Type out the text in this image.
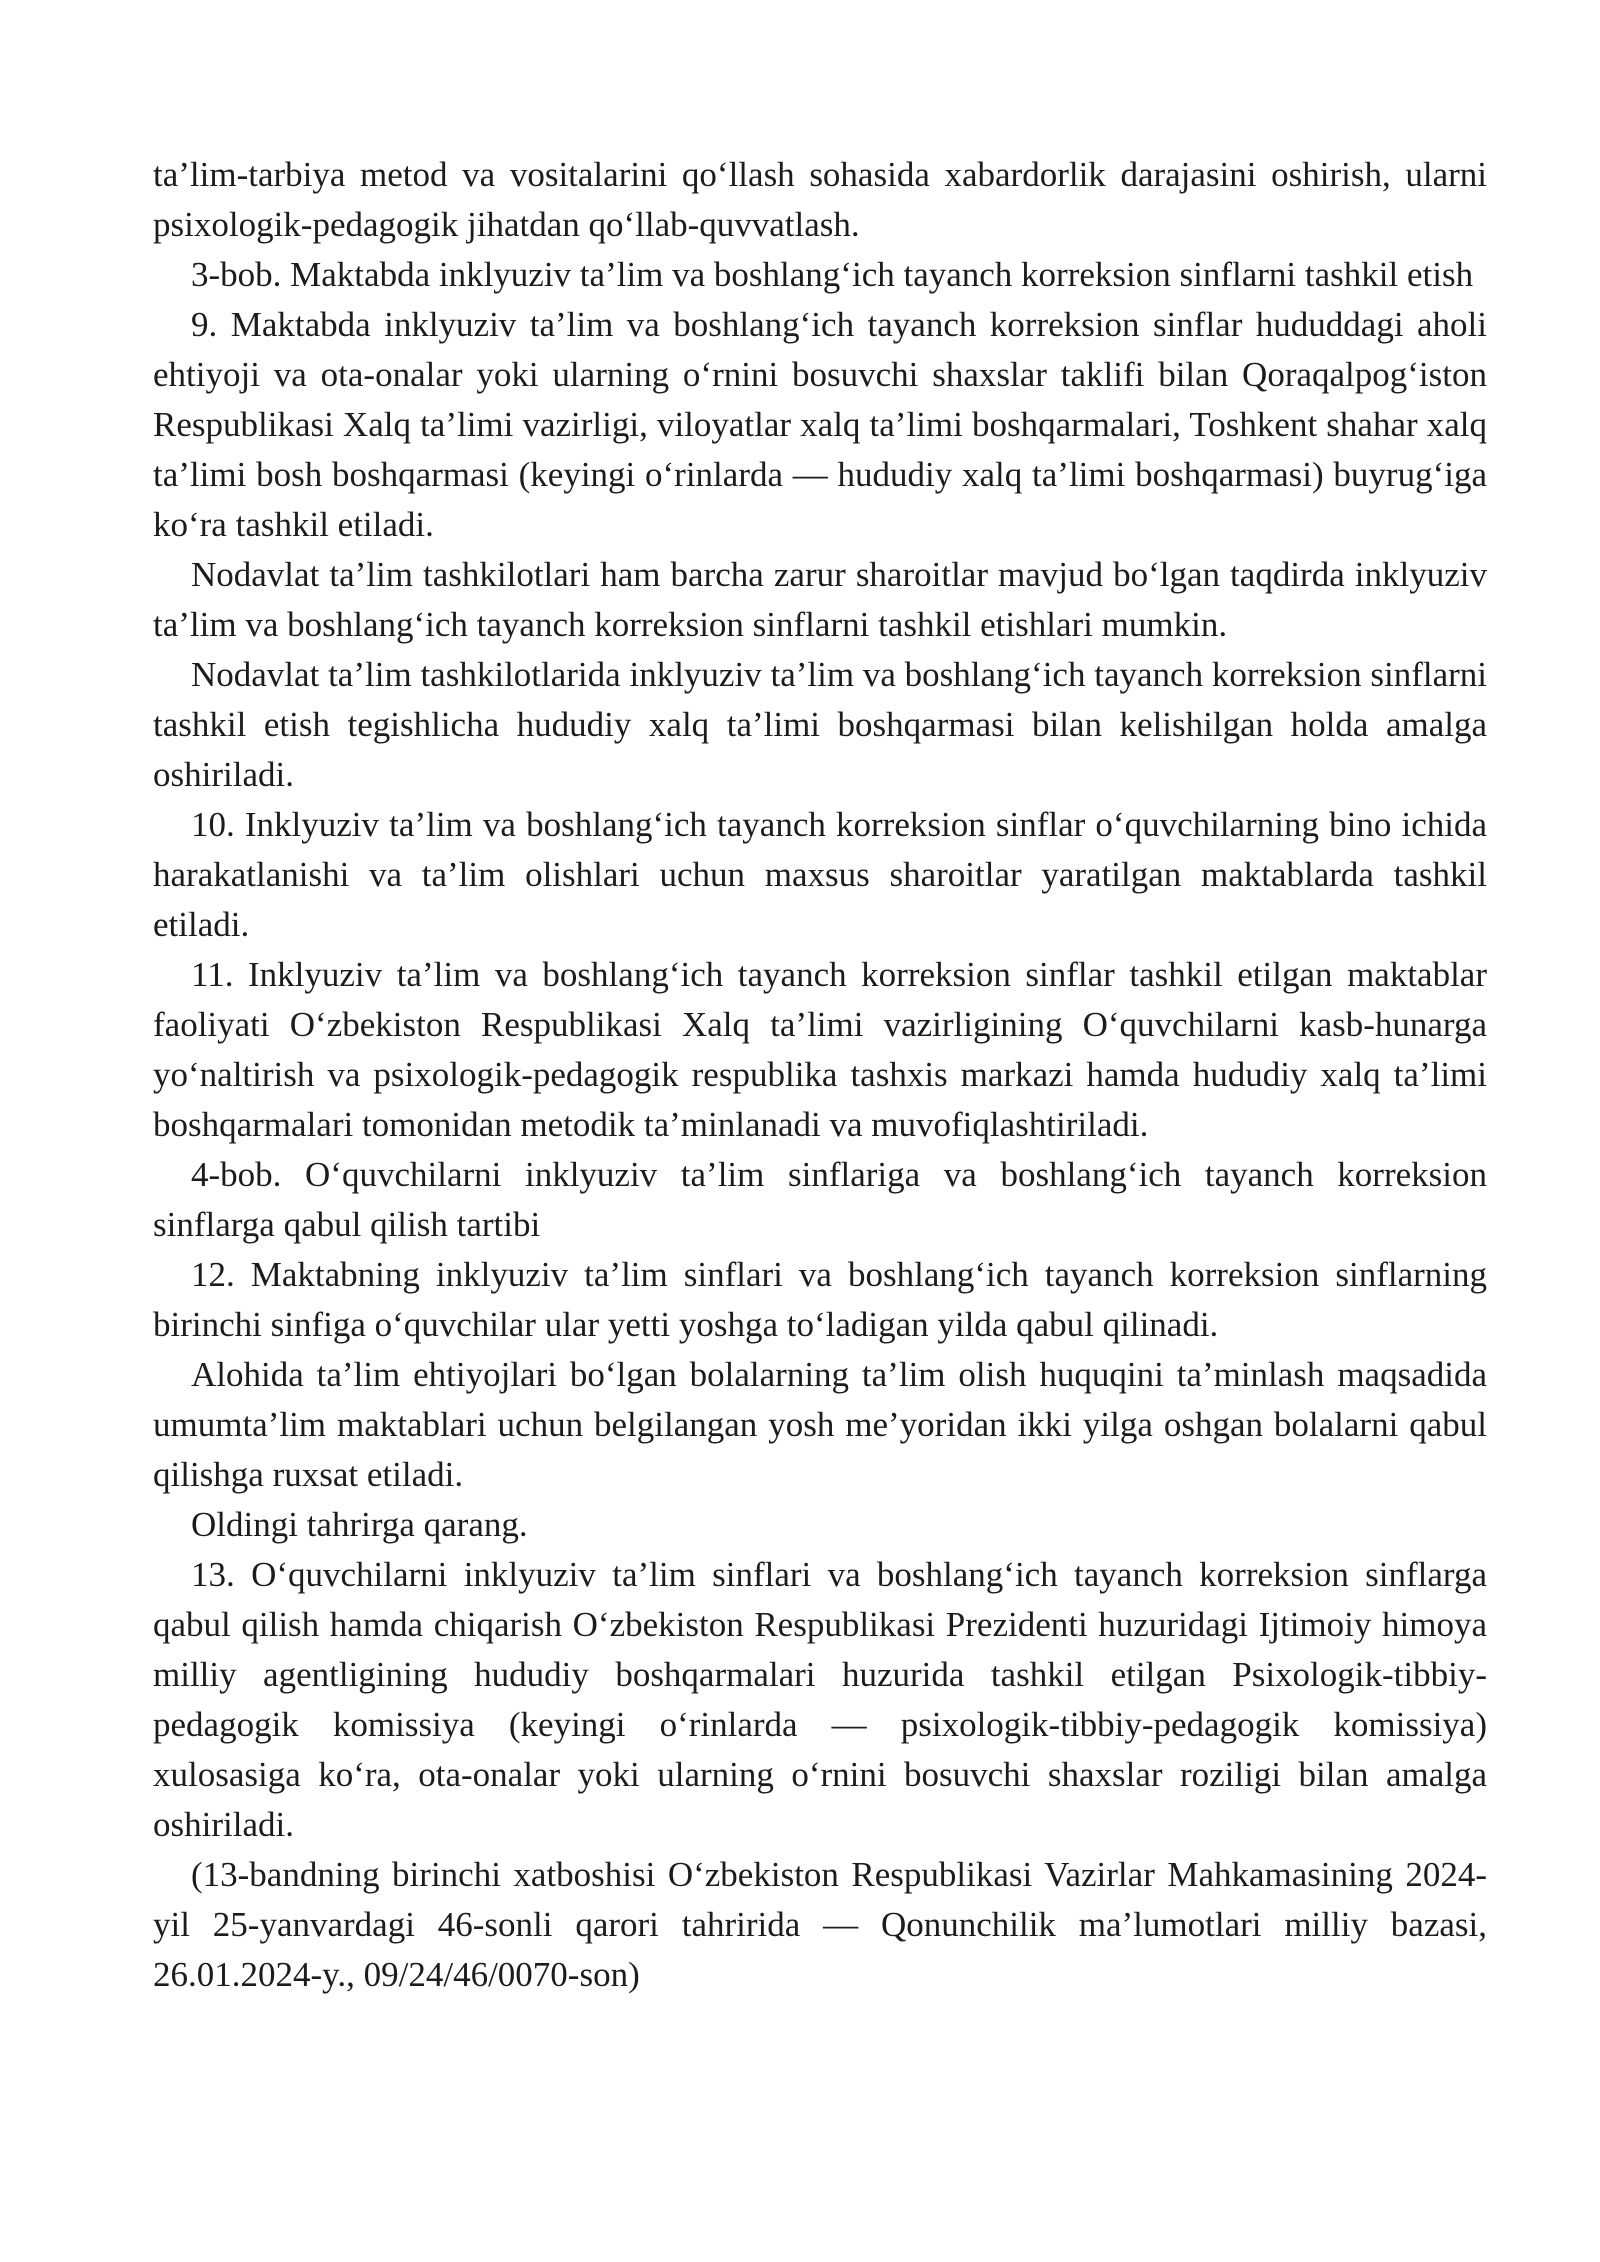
ta’lim-tarbiya metod va vositalarini qo‘llash sohasida xabardorlik darajasini oshirish, ularni psixologik-pedagogik jihatdan qo‘llab-quvvatlash.

3-bob. Maktabda inklyuziv ta’lim va boshlang‘ich tayanch korreksion sinflarni tashkil etish

9. Maktabda inklyuziv ta’lim va boshlang‘ich tayanch korreksion sinflar hududdagi aholi ehtiyoji va ota-onalar yoki ularning o‘rnini bosuvchi shaxslar taklifi bilan Qoraqalpog‘iston Respublikasi Xalq ta’limi vazirligi, viloyatlar xalq ta’limi boshqarmalari, Toshkent shahar xalq ta’limi bosh boshqarmasi (keyingi o‘rinlarda — hududiy xalq ta’limi boshqarmasi) buyrug‘iga ko‘ra tashkil etiladi.

Nodavlat ta’lim tashkilotlari ham barcha zarur sharoitlar mavjud bo‘lgan taqdirda inklyuziv ta’lim va boshlang‘ich tayanch korreksion sinflarni tashkil etishlari mumkin.

Nodavlat ta’lim tashkilotlarida inklyuziv ta’lim va boshlang‘ich tayanch korreksion sinflarni tashkil etish tegishlicha hududiy xalq ta’limi boshqarmasi bilan kelishilgan holda amalga oshiriladi.

10. Inklyuziv ta’lim va boshlang‘ich tayanch korreksion sinflar o‘quvchilarning bino ichida harakatlanishi va ta’lim olishlari uchun maxsus sharoitlar yaratilgan maktablarda tashkil etiladi.

11. Inklyuziv ta’lim va boshlang‘ich tayanch korreksion sinflar tashkil etilgan maktablar faoliyati O‘zbekiston Respublikasi Xalq ta’limi vazirligining O‘quvchilarni kasb-hunarga yo‘naltirish va psixologik-pedagogik respublika tashxis markazi hamda hududiy xalq ta’limi boshqarmalari tomonidan metodik ta’minlanadi va muvofiqlashtiriladi.

4-bob. O‘quvchilarni inklyuziv ta’lim sinflariga va boshlang‘ich tayanch korreksion sinflarga qabul qilish tartibi

12. Maktabning inklyuziv ta’lim sinflari va boshlang‘ich tayanch korreksion sinflarning birinchi sinfiga o‘quvchilar ular yetti yoshga to‘ladigan yilda qabul qilinadi.

Alohida ta’lim ehtiyojlari bo‘lgan bolalarning ta’lim olish huquqini ta’minlash maqsadida umumta’lim maktablari uchun belgilangan yosh me’yoridan ikki yilga oshgan bolalarni qabul qilishga ruxsat etiladi.

Oldingi tahrirga qarang.

13. O‘quvchilarni inklyuziv ta’lim sinflari va boshlang‘ich tayanch korreksion sinflarga qabul qilish hamda chiqarish O‘zbekiston Respublikasi Prezidenti huzuridagi Ijtimoiy himoya milliy agentligining hududiy boshqarmalari huzurida tashkil etilgan Psixologik-tibbiy-pedagogik komissiya (keyingi o‘rinlarda — psixologik-tibbiy-pedagogik komissiya) xulosasiga ko‘ra, ota-onalar yoki ularning o‘rnini bosuvchi shaxslar roziligi bilan amalga oshiriladi.

(13-bandning birinchi xatboshisi O‘zbekiston Respublikasi Vazirlar Mahkamasining 2024-yil 25-yanvardagi 46-sonli qarori tahririda — Qonunchilik ma’lumotlari milliy bazasi, 26.01.2024-y., 09/24/46/0070-son)
